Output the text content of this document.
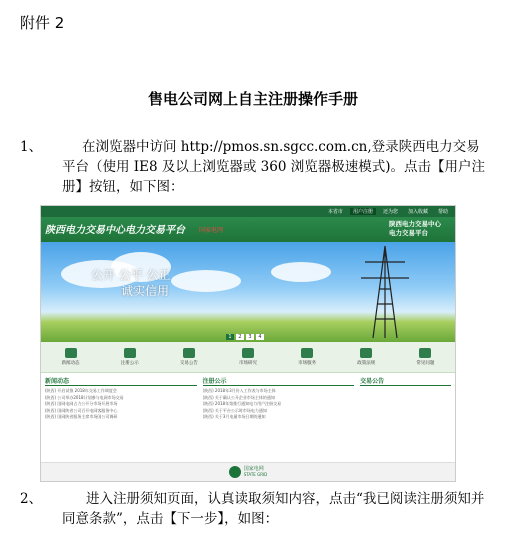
附件 2
售电公司网上自主注册操作手册
1、	在浏览器中访问 http://pmos.sn.sgcc.com.cn,登录陕西电力交易平台（使用 IE8 及以上浏览器或 360 浏览器极速模式)。点击【用户注册】按钮，如下图：
本省市	用户注册	还为您	加入收藏	帮助
陕西电力交易中心电力交易平台 国家电网
陕西电力交易中心
电力交易平台
公开 公平 公正
诚实信用
1	2	3	4
新闻动态	注册公示	交易公告	市场研究	市场服务	政策法规	常见问题
新闻动态
(陕西) 开启试推 2018年交易工作调度会
(陕西) 公司举办2018计划参与电网市场交易
(陕西) 国网电网占力公开分市场开展市场
(陕西) 国网陕省公司召开电网客服务中心
(陕西) 国网陕省服务主席市场国公司调研
注册公示
(陕西) 2018年3月份入工作表与市场主体
(陕西) 关于确认公开企业市场主体的通知
(陕西) 2018年第推行通知电力用户注册交易
(陕西) 关于平台公示时市场电力通知
(陕西) 关于3月电量市场日期的通知
交易公告
国家电网
STATE GRID
2、	进入注册须知页面，认真读取须知内容，点击“我已阅读注册须知并同意条款”，点击【下一步】，如图：
